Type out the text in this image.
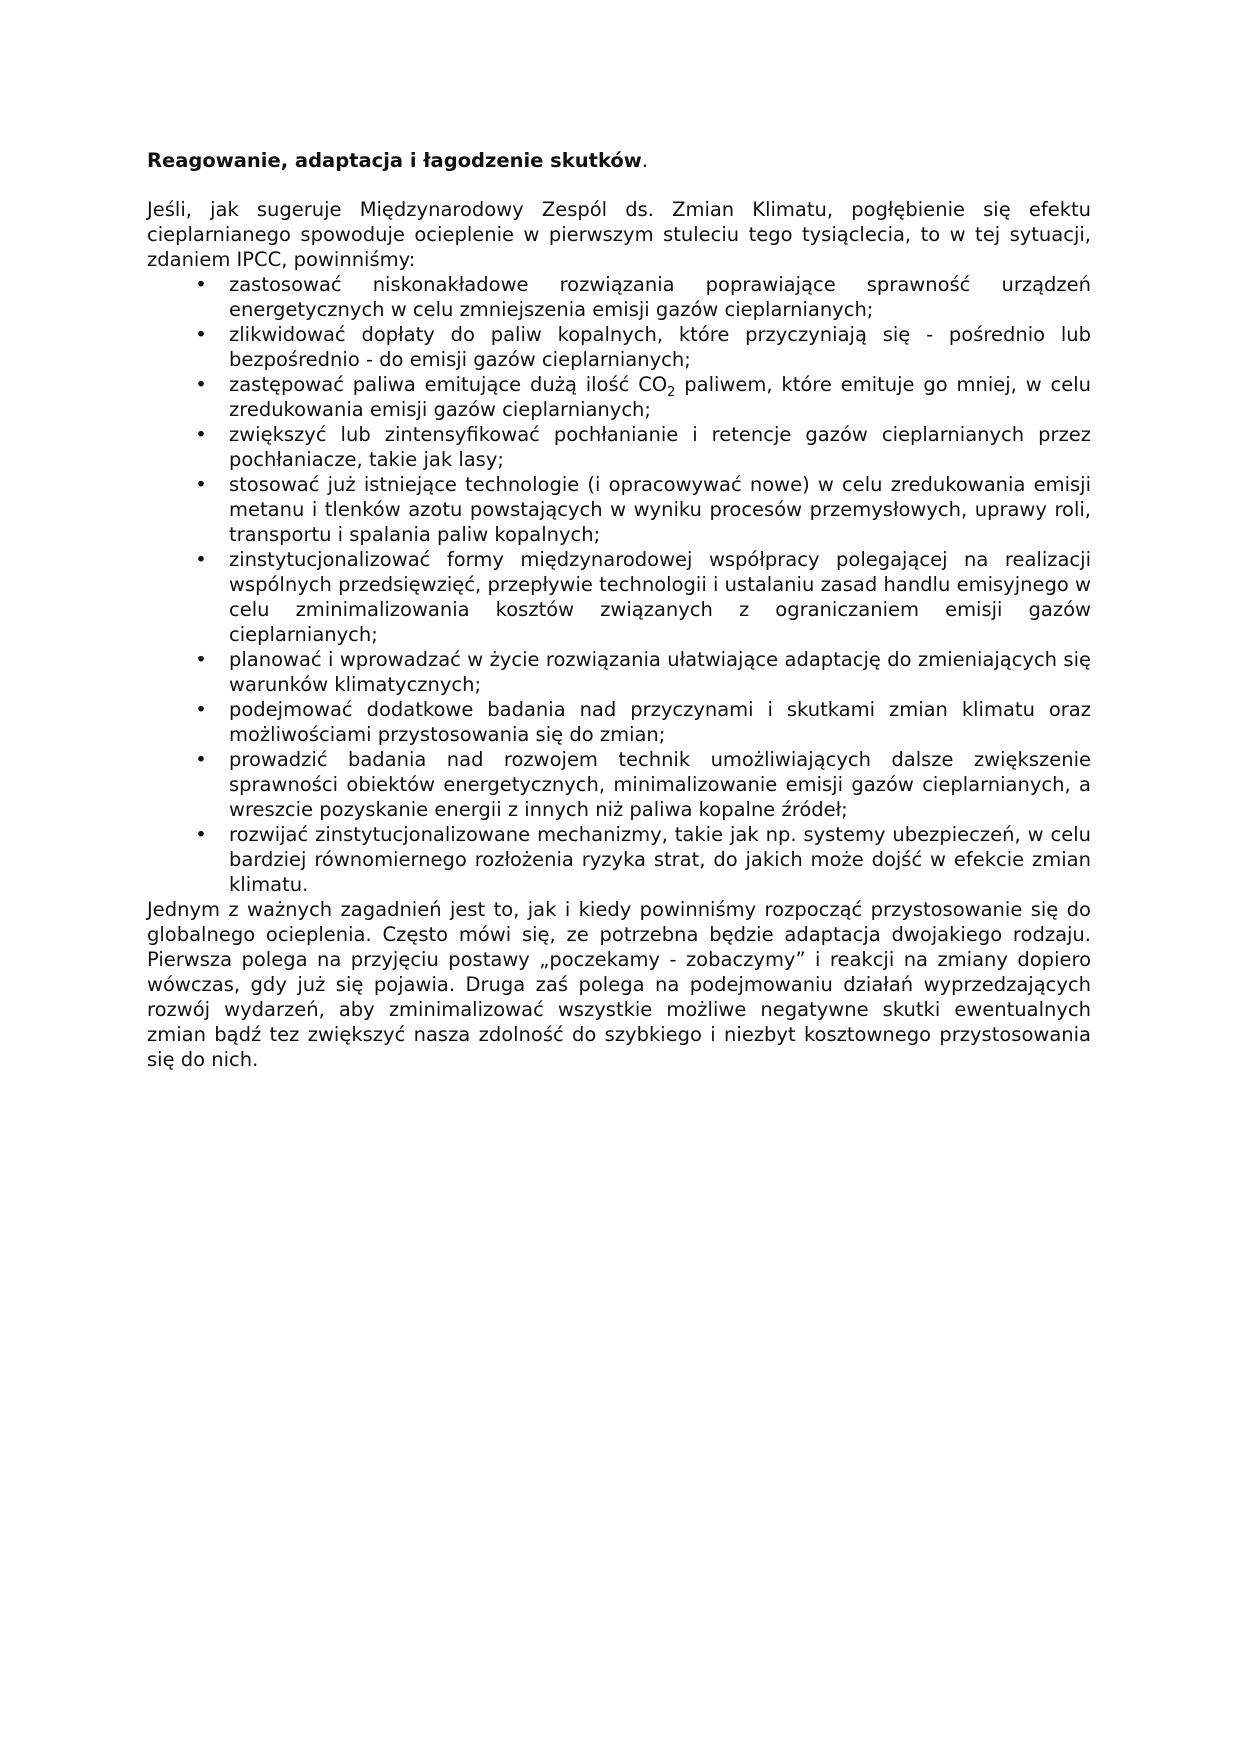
Reagowanie, adaptacja i łagodzenie skutków.

Jeśli, jak sugeruje Międzynarodowy Zespól ds. Zmian Klimatu, pogłębienie się efektu cieplarnianego spowoduje ocieplenie w pierwszym stuleciu tego tysiąclecia, to w tej sytuacji, zdaniem IPCC, powinniśmy:

• zastosować niskonakładowe rozwiązania poprawiające sprawność urządzeń energetycznych w celu zmniejszenia emisji gazów cieplarnianych;
• zlikwidować dopłaty do paliw kopalnych, które przyczyniają się - pośrednio lub bezpośrednio - do emisji gazów cieplarnianych;
• zastępować paliwa emitujące dużą ilość $CO_2$ paliwem, które emituje go mniej, w celu zredukowania emisji gazów cieplarnianych;
• zwiększyć lub zintensyfikować pochłanianie i retencje gazów cieplarnianych przez pochłaniacze, takie jak lasy;
• stosować już istniejące technologie (i opracowywać nowe) w celu zredukowania emisji metanu i tlenków azotu powstających w wyniku procesów przemysłowych, uprawy roli, transportu i spalania paliw kopalnych;
• zinstytucjonalizować formy międzynarodowej współpracy polegającej na realizacji wspólnych przedsięwzięć, przepływie technologii i ustalaniu zasad handlu emisyjnego w celu zminimalizowania kosztów związanych z ograniczaniem emisji gazów cieplarnianych;
• planować i wprowadzać w życie rozwiązania ułatwiające adaptację do zmieniających się warunków klimatycznych;
• podejmować dodatkowe badania nad przyczynami i skutkami zmian klimatu oraz możliwościami przystosowania się do zmian;
• prowadzić badania nad rozwojem technik umożliwiających dalsze zwiększenie sprawności obiektów energetycznych, minimalizowanie emisji gazów cieplarnianych, a wreszcie pozyskanie energii z innych niż paliwa kopalne źródeł;
• rozwijać zinstytucjonalizowane mechanizmy, takie jak np. systemy ubezpieczeń, w celu bardziej równomiernego rozłożenia ryzyka strat, do jakich może dojść w efekcie zmian klimatu.

Jednym z ważnych zagadnień jest to, jak i kiedy powinniśmy rozpocząć przystosowanie się do globalnego ocieplenia. Często mówi się, ze potrzebna będzie adaptacja dwojakiego rodzaju. Pierwsza polega na przyjęciu postawy „poczekamy - zobaczymy” i reakcji na zmiany dopiero wówczas, gdy już się pojawia. Druga zaś polega na podejmowaniu działań wyprzedzających rozwój wydarzeń, aby zminimalizować wszystkie możliwe negatywne skutki ewentualnych zmian bądź tez zwiększyć nasza zdolność do szybkiego i niezbyt kosztownego przystosowania się do nich.
